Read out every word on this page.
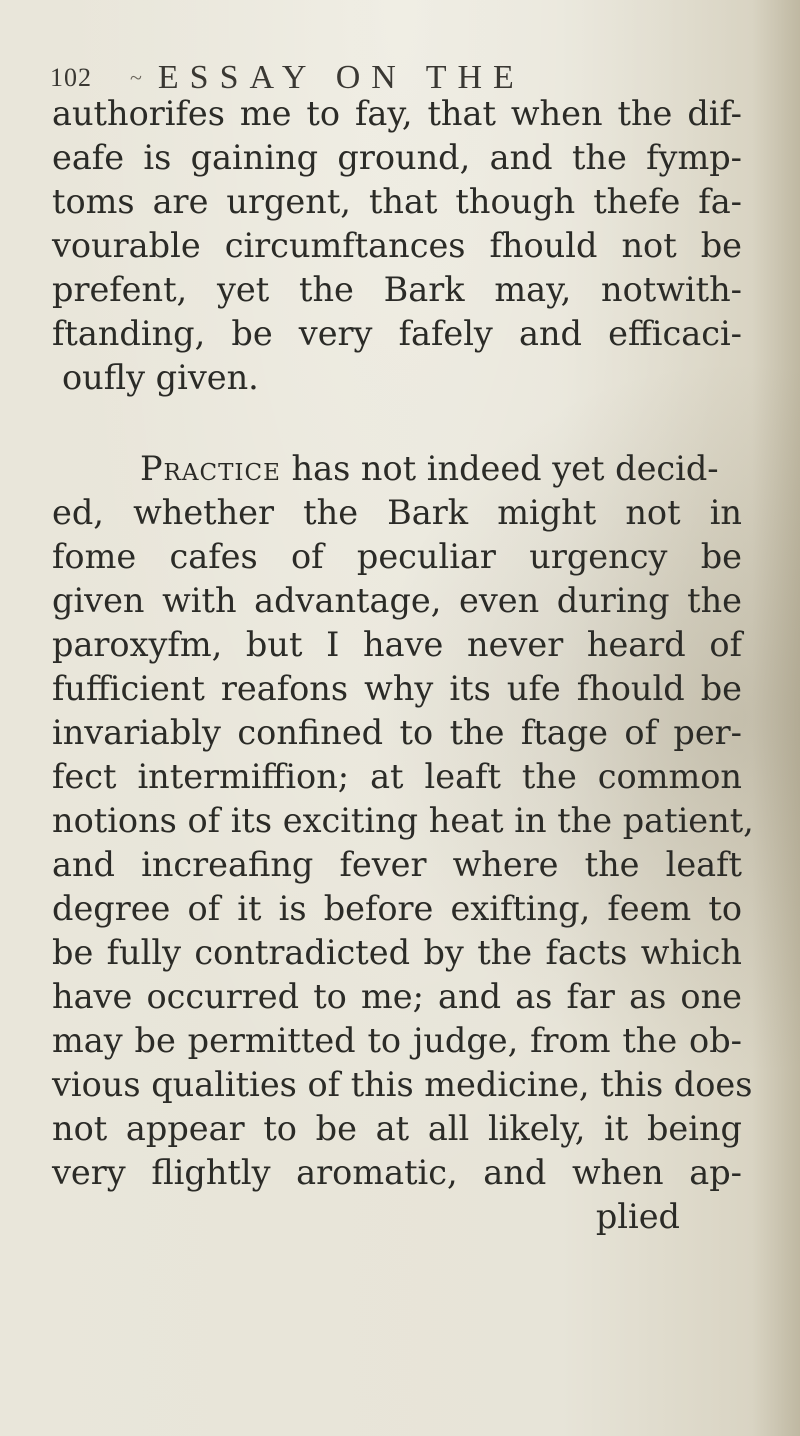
102 ~ ESSAY ON THE
authorifes me to fay, that when the dif-
eafe is gaining ground, and the fymp-
toms are urgent, that though thefe fa-
vourable circumftances fhould not be
prefent, yet the Bark may, notwith-
ftanding, be very fafely and efficaci-
oufly given.
Practice has not indeed yet decid-
ed, whether the Bark might not in
fome cafes of peculiar urgency be
given with advantage, even during the
paroxyfm, but I have never heard of
fufficient reafons why its ufe fhould be
invariably confined to the ftage of per-
fect intermiffion; at leaft the common
notions of its exciting heat in the patient,
and increafing fever where the leaft
degree of it is before exifting, feem to
be fully contradicted by the facts which
have occurred to me; and as far as one
may be permitted to judge, from the ob-
vious qualities of this medicine, this does
not appear to be at all likely, it being
very flightly aromatic, and when ap-
plied
